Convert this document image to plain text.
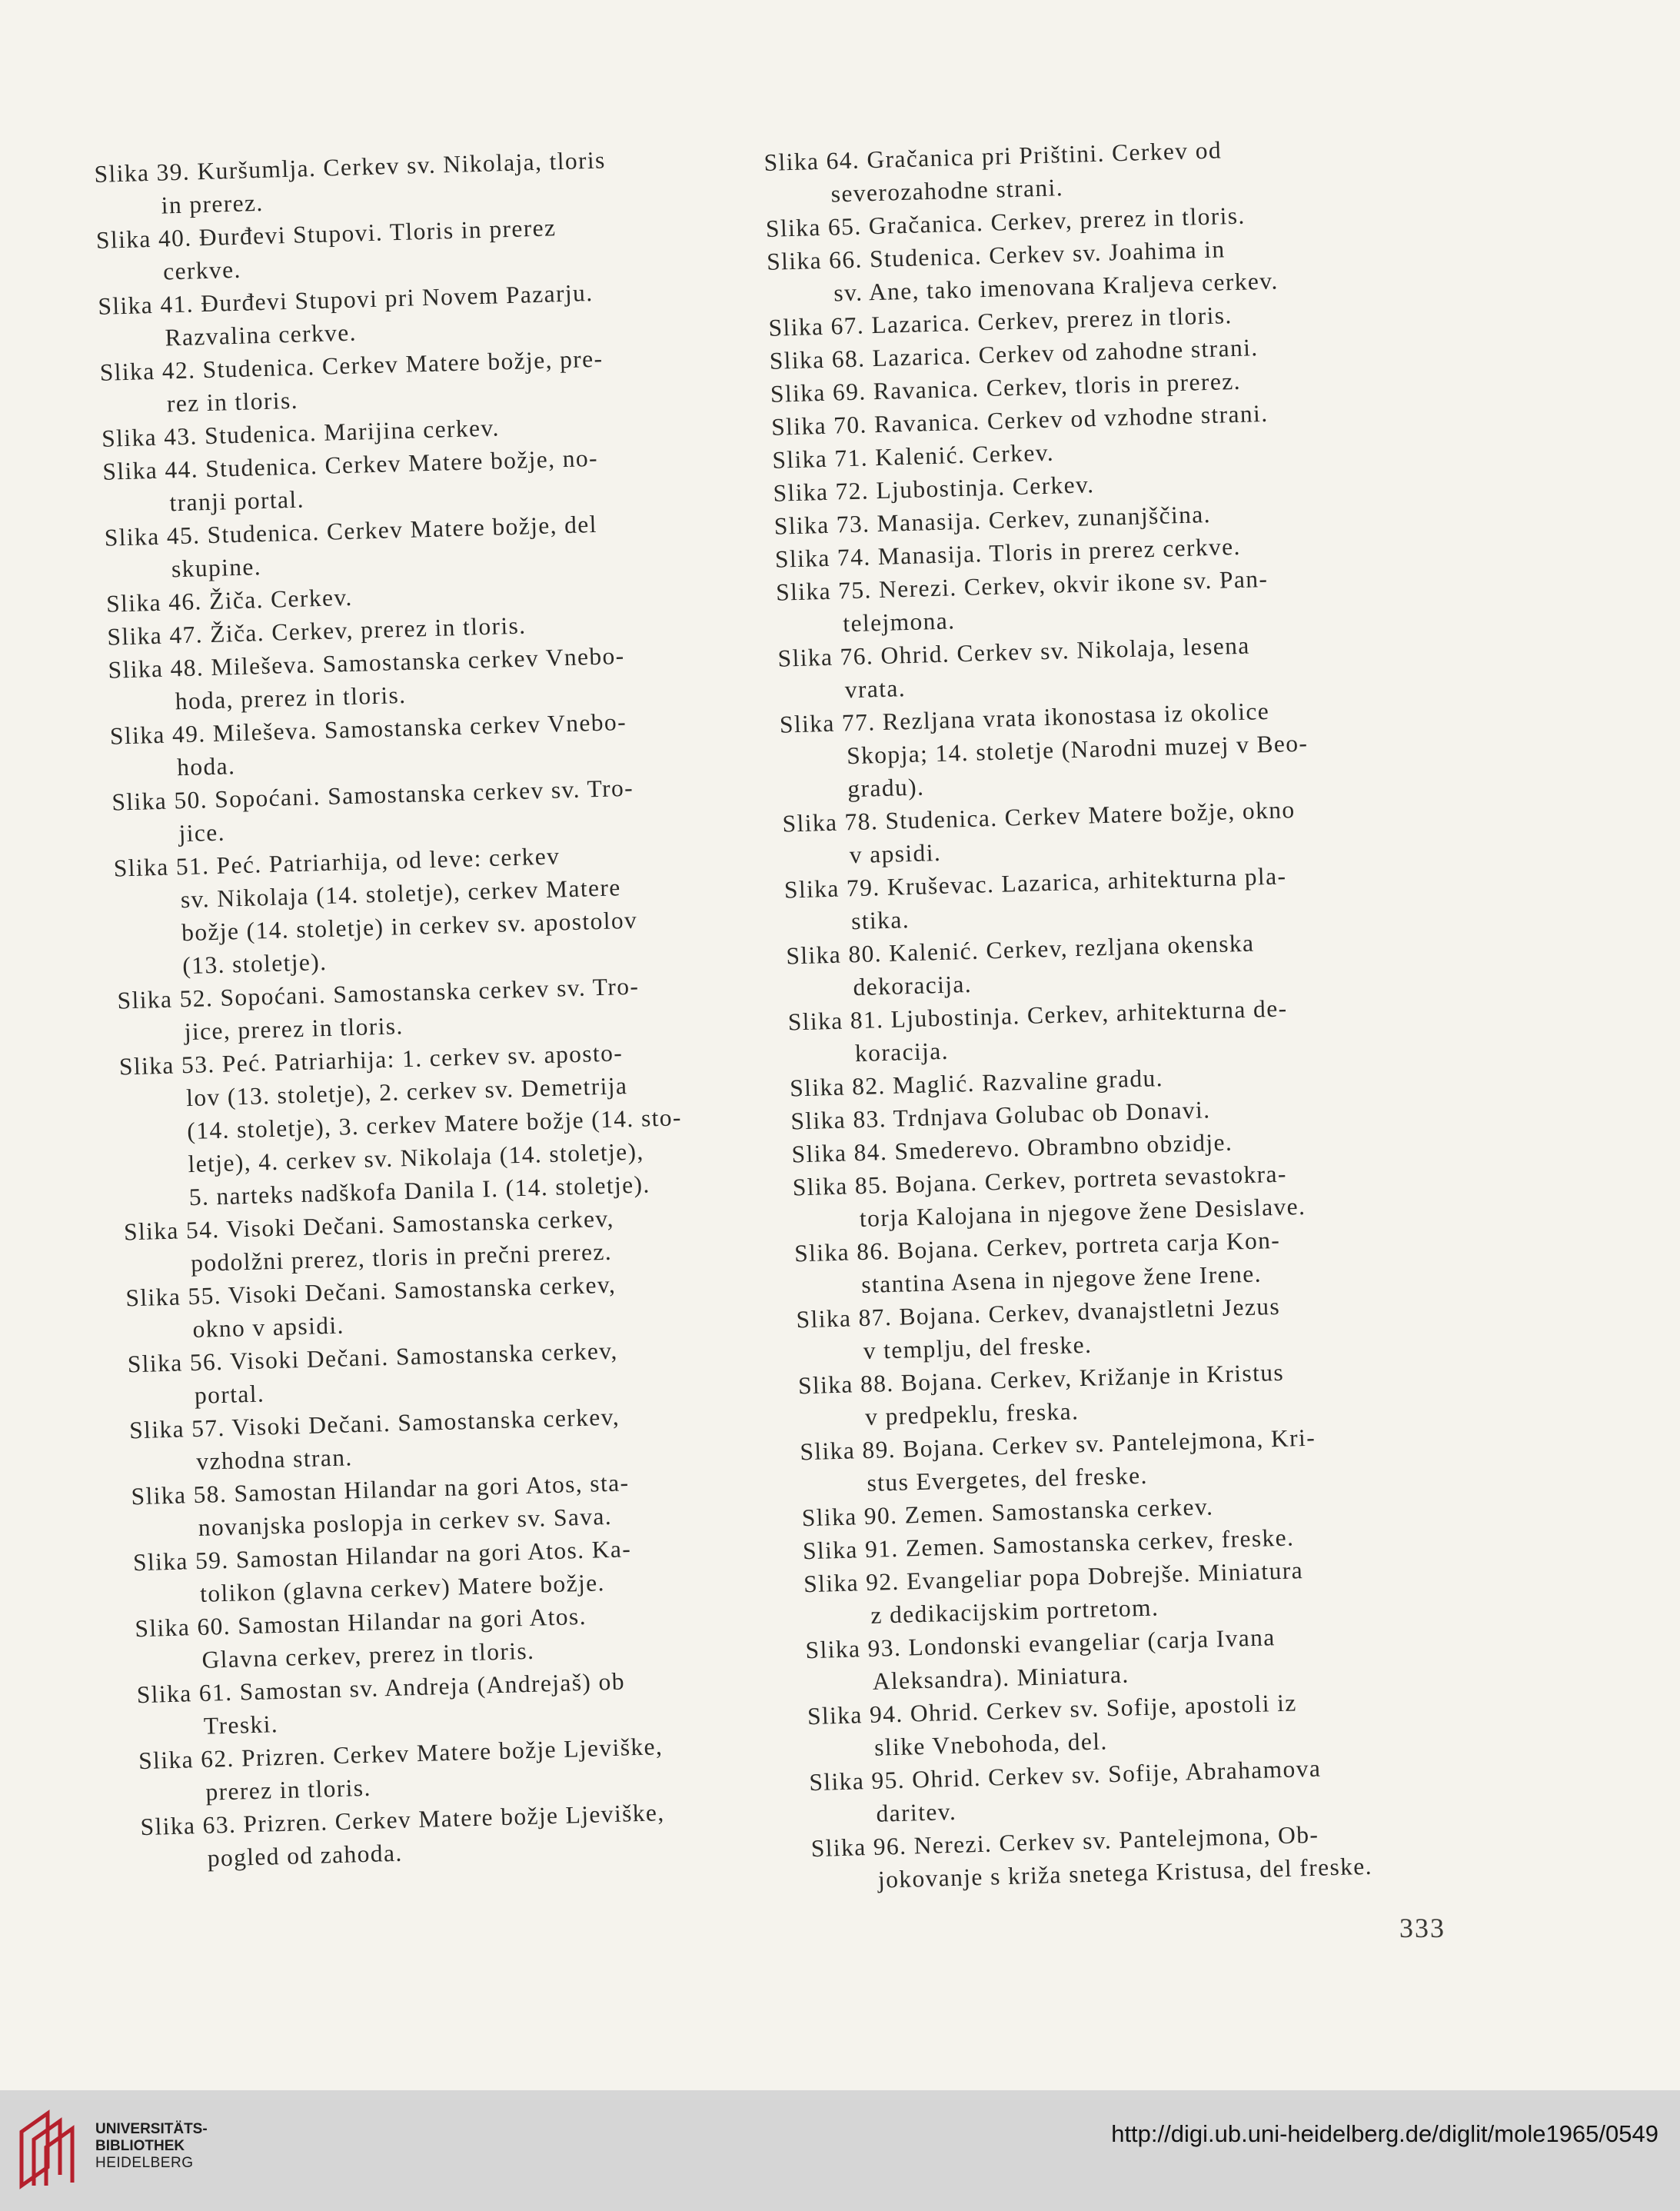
Slika 39. Kuršumlja. Cerkev sv. Nikolaja, tloris
in prerez.
Slika 40. Đurđevi Stupovi. Tloris in prerez
cerkve.
Slika 41. Đurđevi Stupovi pri Novem Pazarju.
Razvalina cerkve.
Slika 42. Studenica. Cerkev Matere božje, pre-
rez in tloris.
Slika 43. Studenica. Marijina cerkev.
Slika 44. Studenica. Cerkev Matere božje, no-
tranji portal.
Slika 45. Studenica. Cerkev Matere božje, del
skupine.
Slika 46. Žiča. Cerkev.
Slika 47. Žiča. Cerkev, prerez in tloris.
Slika 48. Mileševa. Samostanska cerkev Vnebo-
hoda, prerez in tloris.
Slika 49. Mileševa. Samostanska cerkev Vnebo-
hoda.
Slika 50. Sopoćani. Samostanska cerkev sv. Tro-
jice.
Slika 51. Peć. Patriarhija, od leve: cerkev
sv. Nikolaja (14. stoletje), cerkev Matere
božje (14. stoletje) in cerkev sv. apostolov
(13. stoletje).
Slika 52. Sopoćani. Samostanska cerkev sv. Tro-
jice, prerez in tloris.
Slika 53. Peć. Patriarhija: 1. cerkev sv. aposto-
lov (13. stoletje), 2. cerkev sv. Demetrija
(14. stoletje), 3. cerkev Matere božje (14. sto-
letje), 4. cerkev sv. Nikolaja (14. stoletje),
5. narteks nadškofa Danila I. (14. stoletje).
Slika 54. Visoki Dečani. Samostanska cerkev,
podolžni prerez, tloris in prečni prerez.
Slika 55. Visoki Dečani. Samostanska cerkev,
okno v apsidi.
Slika 56. Visoki Dečani. Samostanska cerkev,
portal.
Slika 57. Visoki Dečani. Samostanska cerkev,
vzhodna stran.
Slika 58. Samostan Hilandar na gori Atos, sta-
novanjska poslopja in cerkev sv. Sava.
Slika 59. Samostan Hilandar na gori Atos. Ka-
tolikon (glavna cerkev) Matere božje.
Slika 60. Samostan Hilandar na gori Atos.
Glavna cerkev, prerez in tloris.
Slika 61. Samostan sv. Andreja (Andrejaš) ob
Treski.
Slika 62. Prizren. Cerkev Matere božje Ljeviške,
prerez in tloris.
Slika 63. Prizren. Cerkev Matere božje Ljeviške,
pogled od zahoda.
Slika 64. Gračanica pri Prištini. Cerkev od
severozahodne strani.
Slika 65. Gračanica. Cerkev, prerez in tloris.
Slika 66. Studenica. Cerkev sv. Joahima in
sv. Ane, tako imenovana Kraljeva cerkev.
Slika 67. Lazarica. Cerkev, prerez in tloris.
Slika 68. Lazarica. Cerkev od zahodne strani.
Slika 69. Ravanica. Cerkev, tloris in prerez.
Slika 70. Ravanica. Cerkev od vzhodne strani.
Slika 71. Kalenić. Cerkev.
Slika 72. Ljubostinja. Cerkev.
Slika 73. Manasija. Cerkev, zunanjščina.
Slika 74. Manasija. Tloris in prerez cerkve.
Slika 75. Nerezi. Cerkev, okvir ikone sv. Pan-
telejmona.
Slika 76. Ohrid. Cerkev sv. Nikolaja, lesena
vrata.
Slika 77. Rezljana vrata ikonostasa iz okolice
Skopja; 14. stoletje (Narodni muzej v Beo-
gradu).
Slika 78. Studenica. Cerkev Matere božje, okno
v apsidi.
Slika 79. Kruševac. Lazarica, arhitekturna pla-
stika.
Slika 80. Kalenić. Cerkev, rezljana okenska
dekoracija.
Slika 81. Ljubostinja. Cerkev, arhitekturna de-
koracija.
Slika 82. Maglić. Razvaline gradu.
Slika 83. Trdnjava Golubac ob Donavi.
Slika 84. Smederevo. Obrambno obzidje.
Slika 85. Bojana. Cerkev, portreta sevastokra-
torja Kalojana in njegove žene Desislave.
Slika 86. Bojana. Cerkev, portreta carja Kon-
stantina Asena in njegove žene Irene.
Slika 87. Bojana. Cerkev, dvanajstletni Jezus
v templju, del freske.
Slika 88. Bojana. Cerkev, Križanje in Kristus
v predpeklu, freska.
Slika 89. Bojana. Cerkev sv. Pantelejmona, Kri-
stus Evergetes, del freske.
Slika 90. Zemen. Samostanska cerkev.
Slika 91. Zemen. Samostanska cerkev, freske.
Slika 92. Evangeliar popa Dobrejše. Miniatura
z dedikacijskim portretom.
Slika 93. Londonski evangeliar (carja Ivana
Aleksandra). Miniatura.
Slika 94. Ohrid. Cerkev sv. Sofije, apostoli iz
slike Vnebohoda, del.
Slika 95. Ohrid. Cerkev sv. Sofije, Abrahamova
daritev.
Slika 96. Nerezi. Cerkev sv. Pantelejmona, Ob-
jokovanje s križa snetega Kristusa, del freske.
333
UNIVERSITÄTS-
BIBLIOTHEK
HEIDELBERG
http://digi.ub.uni-heidelberg.de/diglit/mole1965/0549
